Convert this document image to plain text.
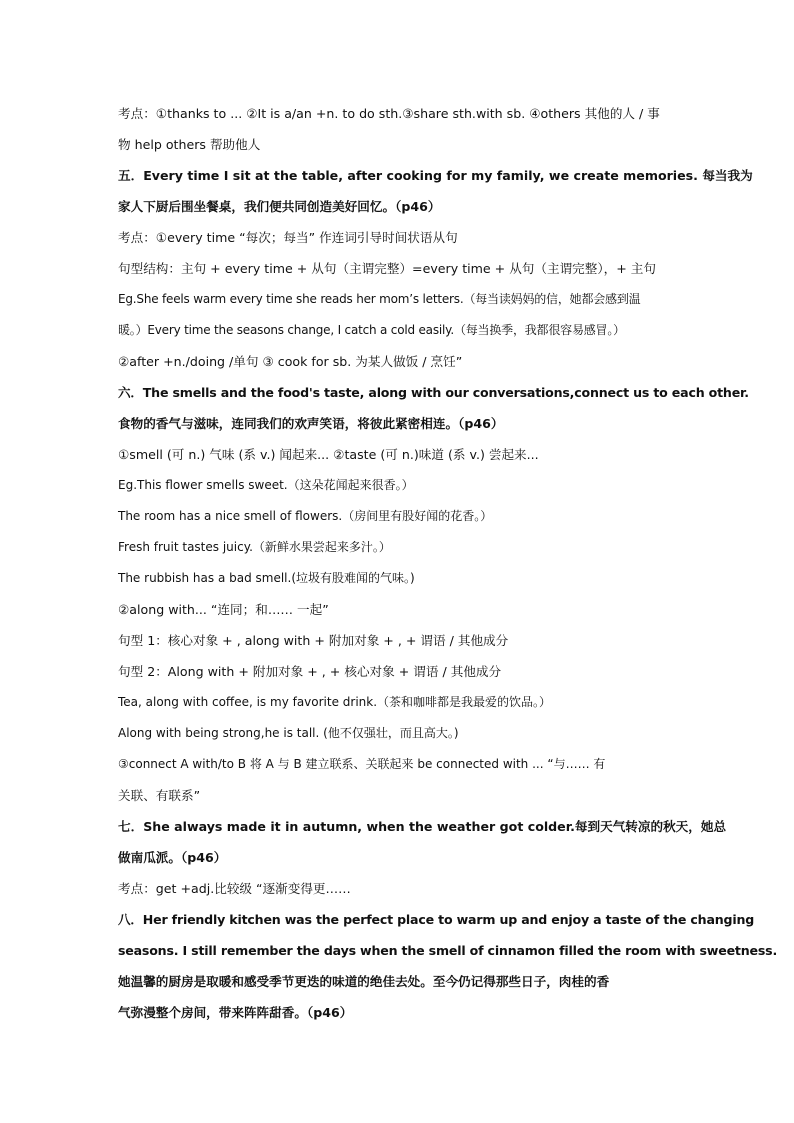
考点：①thanks to ... ②It is a/an +n. to do sth.③share sth.with sb. ④others 其他的人 / 事
物 help others 帮助他人
五．Every time I sit at the table, after cooking for my family, we create memories. 每当我为
家人下厨后围坐餐桌，我们便共同创造美好回忆。（p46）
考点：①every time “每次；每当” 作连词引导时间状语从句
句型结构：主句 + every time + 从句（主谓完整）=every time + 从句（主谓完整），+ 主句
Eg.She feels warm every time she reads her mom’s letters.（每当读妈妈的信，她都会感到温
暖。）Every time the seasons change, I catch a cold easily.（每当换季，我都很容易感冒。）
②after +n./doing /单句 ③ cook for sb. 为某人做饭 / 烹饪”
六．The smells and the food's taste, along with our conversations,connect us to each other.
食物的香气与滋味，连同我们的欢声笑语，将彼此紧密相连。（p46）
①smell (可 n.) 气味 (系 v.) 闻起来... ②taste (可 n.)味道 (系 v.) 尝起来...
Eg.This flower smells sweet.（这朵花闻起来很香。）
The room has a nice smell of flowers.（房间里有股好闻的花香。）
Fresh fruit tastes juicy.（新鲜水果尝起来多汁。）
The rubbish has a bad smell.(垃圾有股难闻的气味。)
②along with... “连同；和…… 一起”
句型 1：核心对象 + , along with + 附加对象 + , + 谓语 / 其他成分
句型 2：Along with + 附加对象 + , + 核心对象 + 谓语 / 其他成分
Tea, along with coffee, is my favorite drink.（茶和咖啡都是我最爱的饮品。）
Along with being strong,he is tall. (他不仅强壮，而且高大。)
③connect A with/to B 将 A 与 B 建立联系、关联起来 be connected with ... “与…… 有
关联、有联系”
七．She always made it in autumn, when the weather got colder.每到天气转凉的秋天，她总
做南瓜派。（p46）
考点：get +adj.比较级 “逐渐变得更……
八．Her friendly kitchen was the perfect place to warm up and enjoy a taste of the changing
seasons. I still remember the days when the smell of cinnamon filled the room with sweetness.
她温馨的厨房是取暖和感受季节更迭的味道的绝佳去处。至今仍记得那些日子，肉桂的香
气弥漫整个房间，带来阵阵甜香。（p46）
